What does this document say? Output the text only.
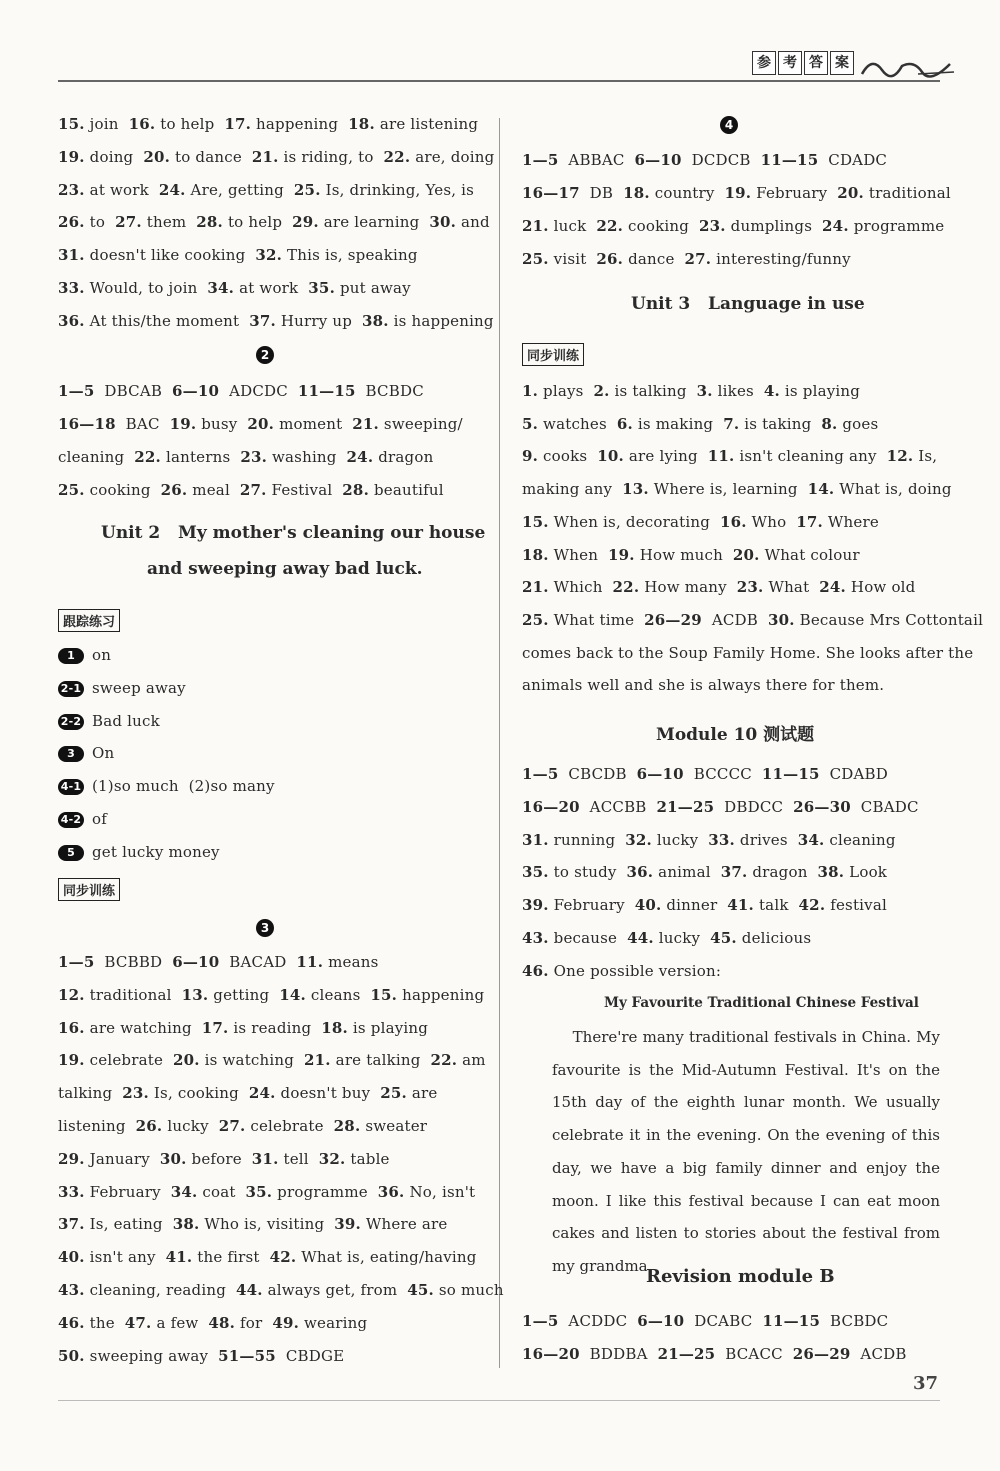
参 考 答 案
15. join  16. to help  17. happening  18. are listening
19. doing  20. to dance  21. is riding, to  22. are, doing
23. at work  24. Are, getting  25. Is, drinking, Yes, is
26. to  27. them  28. to help  29. are learning  30. and
31. doesn't like cooking  32. This is, speaking
33. Would, to join  34. at work  35. put away
36. At this/the moment  37. Hurry up  38. is happening
2
1—5  DBCAB  6—10  ADCDC  11—15  BCBDC
16—18  BAC  19. busy  20. moment  21. sweeping/
cleaning  22. lanterns  23. washing  24. dragon
25. cooking  26. meal  27. Festival  28. beautiful
Unit 2   My mother's cleaning our house
and sweeping away bad luck.
跟踪练习
1 on
2-1 sweep away
2-2 Bad luck
3 On
4-1 (1)so much  (2)so many
4-2 of
5 get lucky money
同步训练
3
1—5  BCBBD  6—10  BACAD  11. means
12. traditional  13. getting  14. cleans  15. happening
16. are watching  17. is reading  18. is playing
19. celebrate  20. is watching  21. are talking  22. am
talking  23. Is, cooking  24. doesn't buy  25. are
listening  26. lucky  27. celebrate  28. sweater
29. January  30. before  31. tell  32. table
33. February  34. coat  35. programme  36. No, isn't
37. Is, eating  38. Who is, visiting  39. Where are
40. isn't any  41. the first  42. What is, eating/having
43. cleaning, reading  44. always get, from  45. so much
46. the  47. a few  48. for  49. wearing
50. sweeping away  51—55  CBDGE
4
1—5  ABBAC  6—10  DCDCB  11—15  CDADC
16—17  DB  18. country  19. February  20. traditional
21. luck  22. cooking  23. dumplings  24. programme
25. visit  26. dance  27. interesting/funny
Unit 3   Language in use
同步训练
1. plays  2. is talking  3. likes  4. is playing
5. watches  6. is making  7. is taking  8. goes
9. cooks  10. are lying  11. isn't cleaning any  12. Is,
making any  13. Where is, learning  14. What is, doing
15. When is, decorating  16. Who  17. Where
18. When  19. How much  20. What colour
21. Which  22. How many  23. What  24. How old
25. What time  26—29  ACDB  30. Because Mrs Cottontail
comes back to the Soup Family Home. She looks after the
animals well and she is always there for them.
Module 10 测试题
1—5  CBCDB  6—10  BCCCC  11—15  CDABD
16—20  ACCBB  21—25  DBDCC  26—30  CBADC
31. running  32. lucky  33. drives  34. cleaning
35. to study  36. animal  37. dragon  38. Look
39. February  40. dinner  41. talk  42. festival
43. because  44. lucky  45. delicious
46. One possible version:
My Favourite Traditional Chinese Festival
There're many traditional festivals in China. My favourite is the Mid-Autumn Festival. It's on the 15th day of the eighth lunar month. We usually celebrate it in the evening. On the evening of this day, we have a big family dinner and enjoy the moon. I like this festival because I can eat moon cakes and listen to stories about the festival from my grandma.
Revision module B
1—5  ACDDC  6—10  DCABC  11—15  BCBDC
16—20  BDDBA  21—25  BCACC  26—29  ACDB
37
